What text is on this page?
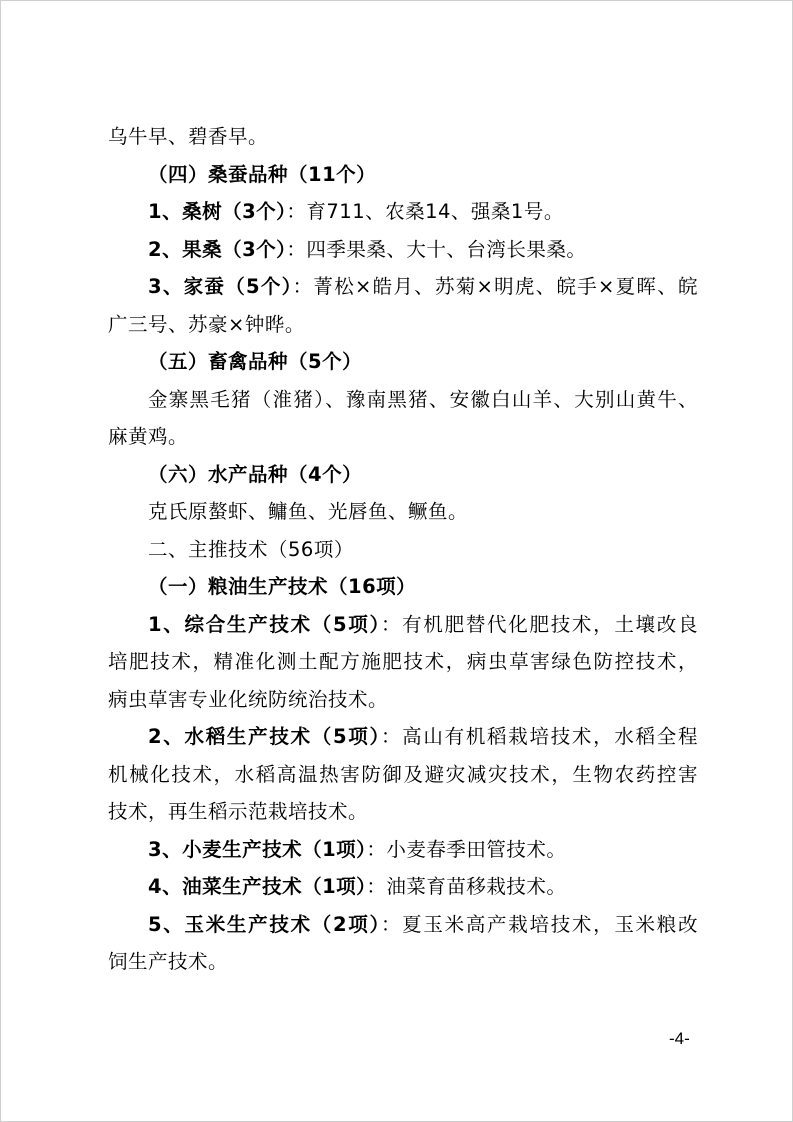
乌牛早、碧香早。
（四）桑蚕品种（11个）
1、桑树（3个）：育711、农桑14、强桑1号。
2、果桑（3个）：四季果桑、大十、台湾长果桑。
3、家蚕（5个）：菁松×皓月、苏菊×明虎、皖手×夏晖、皖
广三号、苏豪×钟晔。
（五）畜禽品种（5个）
金寨黑毛猪（淮猪）、豫南黑猪、安徽白山羊、大别山黄牛、
麻黄鸡。
（六）水产品种（4个）
克氏原螯虾、鳙鱼、光唇鱼、鳜鱼。
二、主推技术（56项）
（一）粮油生产技术（16项）
1、综合生产技术（5项）：有机肥替代化肥技术，土壤改良
培肥技术，精准化测土配方施肥技术，病虫草害绿色防控技术，
病虫草害专业化统防统治技术。
2、水稻生产技术（5项）：高山有机稻栽培技术，水稻全程
机械化技术，水稻高温热害防御及避灾减灾技术，生物农药控害
技术，再生稻示范栽培技术。
3、小麦生产技术（1项）：小麦春季田管技术。
4、油菜生产技术（1项）：油菜育苗移栽技术。
5、玉米生产技术（2项）：夏玉米高产栽培技术，玉米粮改
饲生产技术。
-4-
